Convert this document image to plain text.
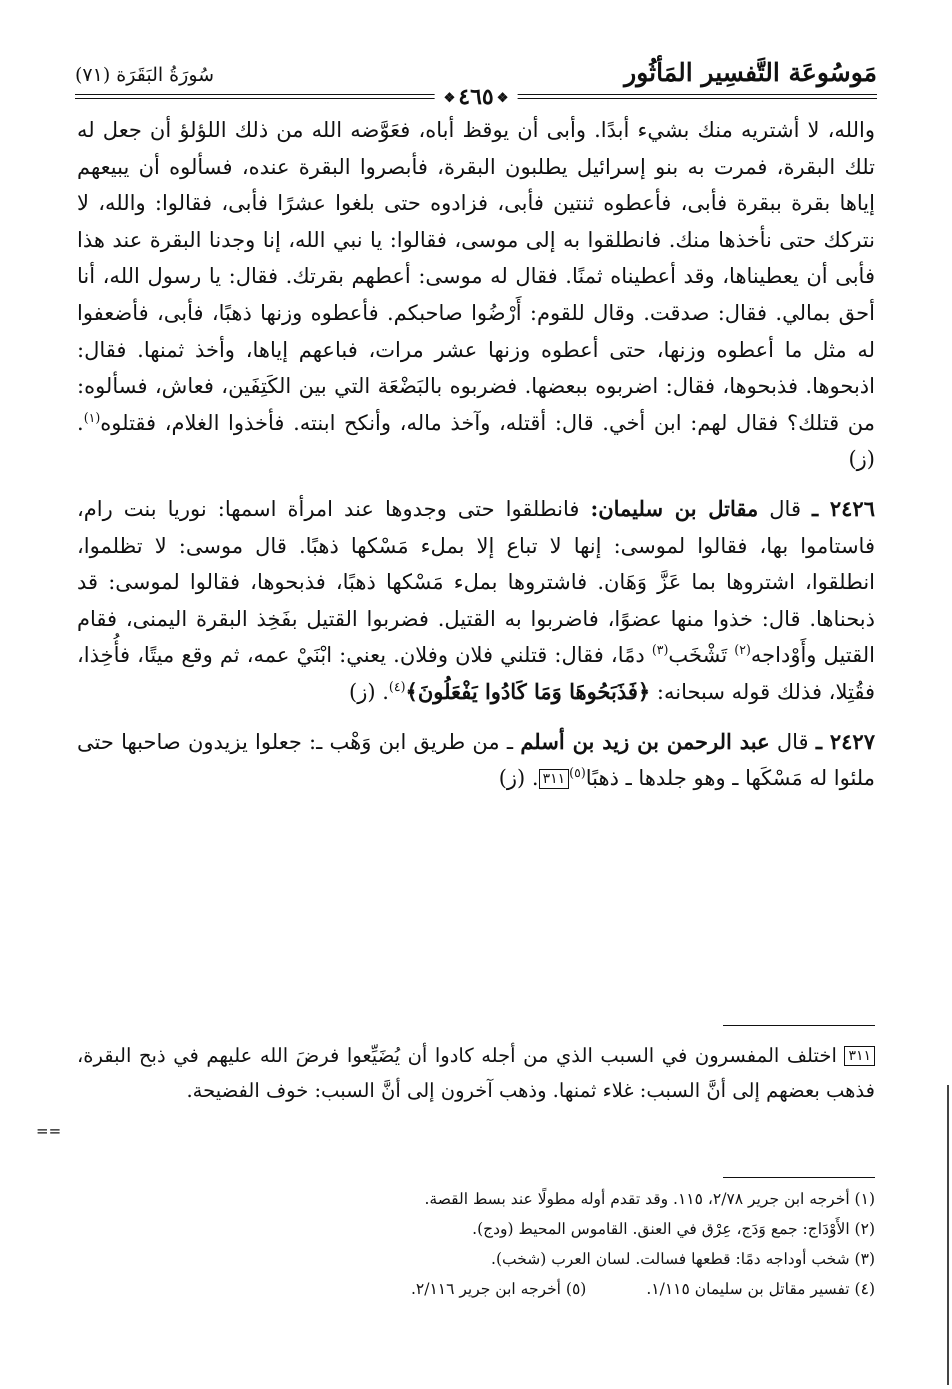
مَوسُوعَة التَّفسِير المَأثُور
سُورَةُ البَقَرَة (٧١)
❖ ٤٦٥ ❖

والله، لا أشتريه منك بشيء أبدًا. وأبى أن يوقظ أباه، فعَوَّضه الله من ذلك اللؤلؤ أن جعل له تلك البقرة، فمرت به بنو إسرائيل يطلبون البقرة، فأبصروا البقرة عنده، فسألوه أن يبيعهم إياها بقرة ببقرة فأبى، فأعطوه ثنتين فأبى، فزادوه حتى بلغوا عشرًا فأبى، فقالوا: والله، لا نتركك حتى نأخذها منك. فانطلقوا به إلى موسى، فقالوا: يا نبي الله، إنا وجدنا البقرة عند هذا فأبى أن يعطيناها، وقد أعطيناه ثمنًا. فقال له موسى: أعطهم بقرتك. فقال: يا رسول الله، أنا أحق بمالي. فقال: صدقت. وقال للقوم: أَرْضُوا صاحبكم. فأعطوه وزنها ذهبًا، فأبى، فأضعفوا له مثل ما أعطوه وزنها، حتى أعطوه وزنها عشر مرات، فباعهم إياها، وأخذ ثمنها. فقال: اذبحوها. فذبحوها، فقال: اضربوه ببعضها. فضربوه بالبَضْعَة التي بين الكَتِفَين، فعاش، فسألوه: من قتلك؟ فقال لهم: ابن أخي. قال: أقتله، وآخذ ماله، وأنكح ابنته. فأخذوا الغلام، فقتلوه$^{(١)}$. (ز)

٢٤٢٦ ـ قال مقاتل بن سليمان: فانطلقوا حتى وجدوها عند امرأة اسمها: نوريا بنت رام، فاستاموا بها، فقالوا لموسى: إنها لا تباع إلا بملء مَسْكها ذهبًا. قال موسى: لا تظلموا، انطلقوا، اشتروها بما عَزَّ وَهَان. فاشتروها بملء مَسْكها ذهبًا، فذبحوها، فقالوا لموسى: قد ذبحناها. قال: خذوا منها عضوًا، فاضربوا به القتيل. فضربوا القتيل بفَخِذ البقرة اليمنى، فقام القتيل وأَوْداجه$^{(٢)}$ تَشْخَب$^{(٣)}$ دمًا، فقال: قتلني فلان وفلان. يعني: ابْنَيْ عمه، ثم وقع ميتًا، فأُخِذا، فقُتِلا، فذلك قوله سبحانه: ﴿فَذَبَحُوهَا وَمَا كَادُوا يَفْعَلُونَ﴾$^{(٤)}$. (ز)

٢٤٢٧ ـ قال عبد الرحمن بن زيد بن أسلم ـ من طريق ابن وَهْب ـ: جعلوا يزيدون صاحبها حتى ملئوا له مَسْكَها ـ وهو جلدها ـ ذهبًا$^{(٥)}$٣١١. (ز)

٣١١ اختلف المفسرون في السبب الذي من أجله كادوا أن يُضَيِّعوا فرضَ الله عليهم في ذبح البقرة، فذهب بعضهم إلى أنَّ السبب: غلاء ثمنها. وذهب آخرون إلى أنَّ السبب: خوف الفضيحة.

==
(١) أخرجه ابن جرير ٢/٧٨، ١١٥. وقد تقدم أوله مطولًا عند بسط القصة.
(٢) الأَوْدَاج: جمع وَدَج، عِرْق في العنق. القاموس المحيط (ودج).
(٣) شخب أوداجه دمًا: قطعها فسالت. لسان العرب (شخب).
(٤) تفسير مقاتل بن سليمان ١/١١٥.
(٥) أخرجه ابن جرير ٢/١١٦.
